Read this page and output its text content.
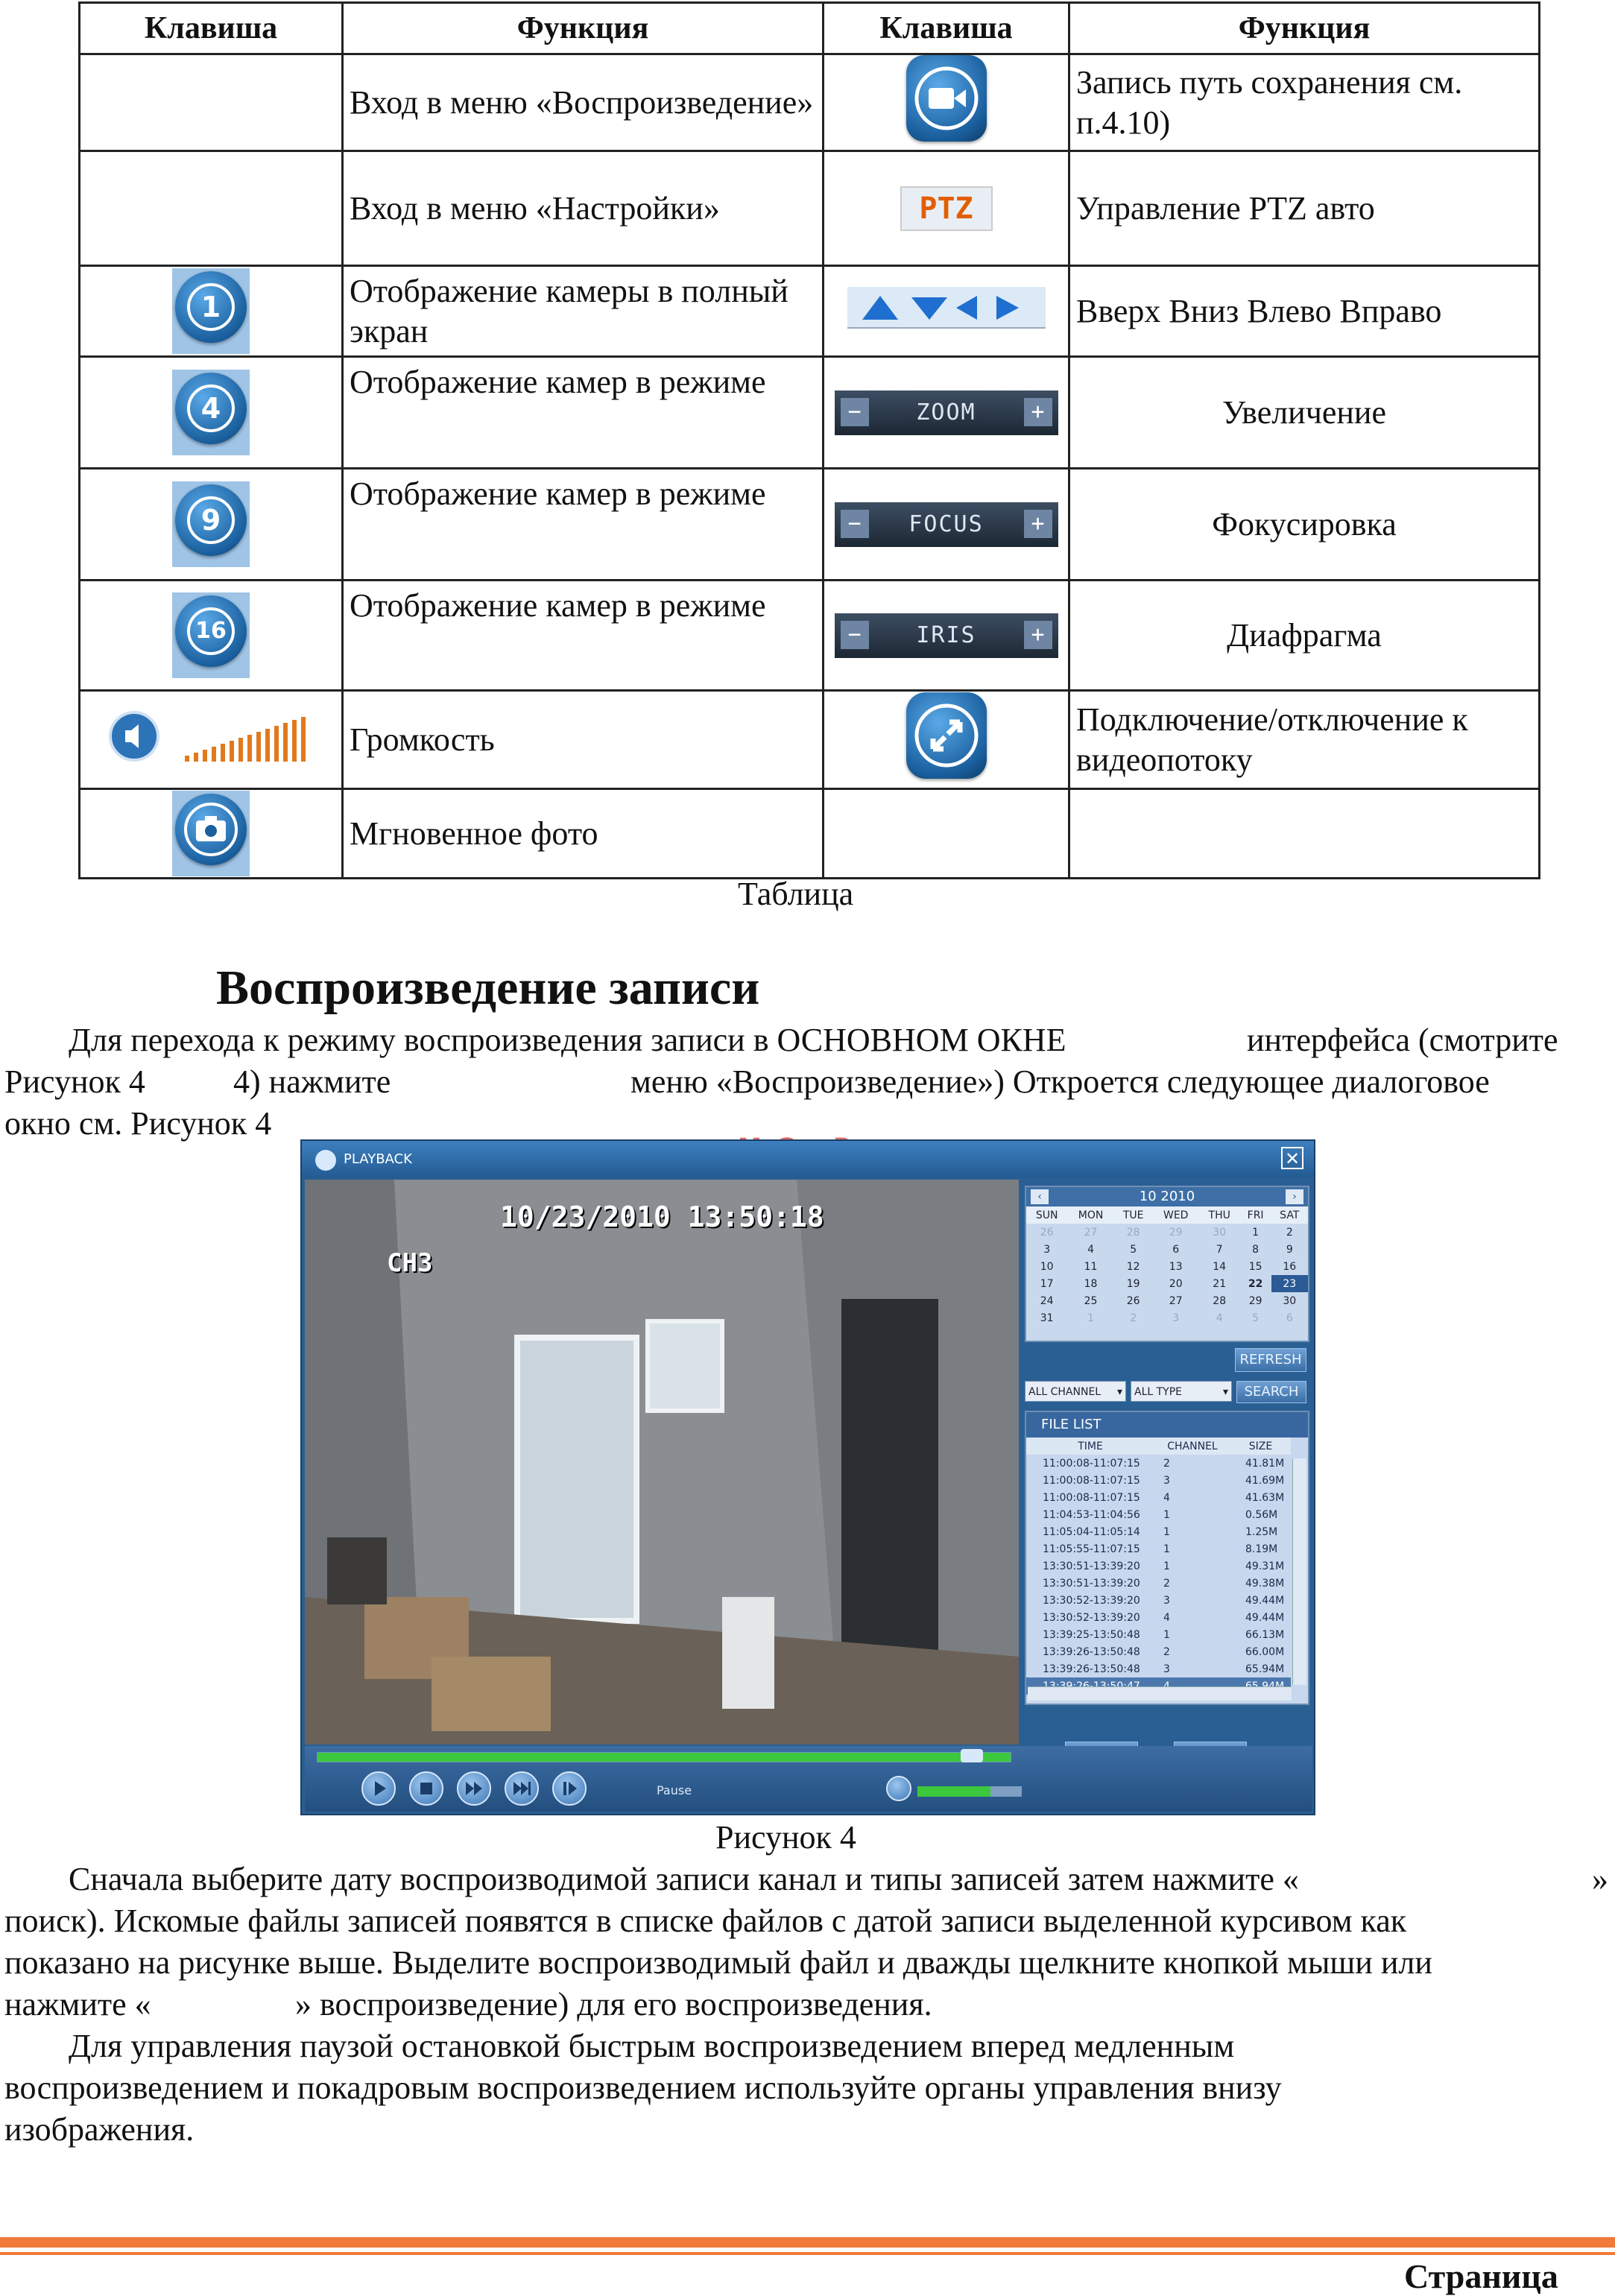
Клавиша	Функция	Клавиша	Функция
	Вход в меню «Воспроизведение»		Запись путь сохранения см. п.4.10)
	Вход в меню «Настройки»	PTZ	Управление PTZ авто

1	Отображение камеры в полный экран		Вверх Вниз Влево Вправо

4	Отображение камер в режиме	− ZOOM +	Увеличение

9	Отображение камер в режиме	− FOCUS +	Фокусировка

16	Отображение камер в режиме	− IRIS +	Диафрагма
	Громкость		Подключение/отключение к видеопотоку

	Мгновенное фото		
Таблица
Воспроизведение записи
Для перехода к режиму воспроизведения записи в ОСНОВНОМ ОКНЕ	интерфейса (смотрите
Рисунок 4	4) нажмите	меню «Воспроизведение») Откроется следующее диалоговое
окно см. Рисунок 4
PLAYBACK	✕
10/23/2010 13:50:18
CH3
‹	10 2010	›
SUN	MON	TUE	WED	THU	FRI	SAT
26	27	28	29	30	1	2
3	4	5	6	7	8	9
10	11	12	13	14	15	16
17	18	19	20	21	22	23
24	25	26	27	28	29	30
31	1	2	3	4	5	6
REFRESH
ALL CHANNEL ▾	ALL TYPE	▾	SEARCH
FILE LIST
TIME	CHANNEL	SIZE
11:00:08-11:07:15	2	41.81M
11:00:08-11:07:15	3	41.69M
11:00:08-11:07:15	4	41.63M
11:04:53-11:04:56	1	0.56M
11:05:04-11:05:14	1	1.25M
11:05:55-11:07:15	1	8.19M
13:30:51-13:39:20	1	49.31M
13:30:51-13:39:20	2	49.38M
13:30:52-13:39:20	3	49.44M
13:30:52-13:39:20	4	49.44M
13:39:25-13:50:48	1	66.13M
13:39:26-13:50:48	2	66.00M
13:39:26-13:50:48	3	65.94M

Pause
Рисунок 4
Сначала выберите дату воспроизводимой записи канал и типы записей затем нажмите «	»
поиск). Искомые файлы записей появятся в списке файлов с датой записи выделенной курсивом как
показано на рисунке выше. Выделите воспроизводимый файл и дважды щелкните кнопкой мыши или
нажмите «	» воспроизведение) для его воспроизведения.
Для управления паузой остановкой быстрым воспроизведением вперед медленным
воспроизведением и покадровым воспроизведением используйте органы управления внизу
изображения.
Страница
